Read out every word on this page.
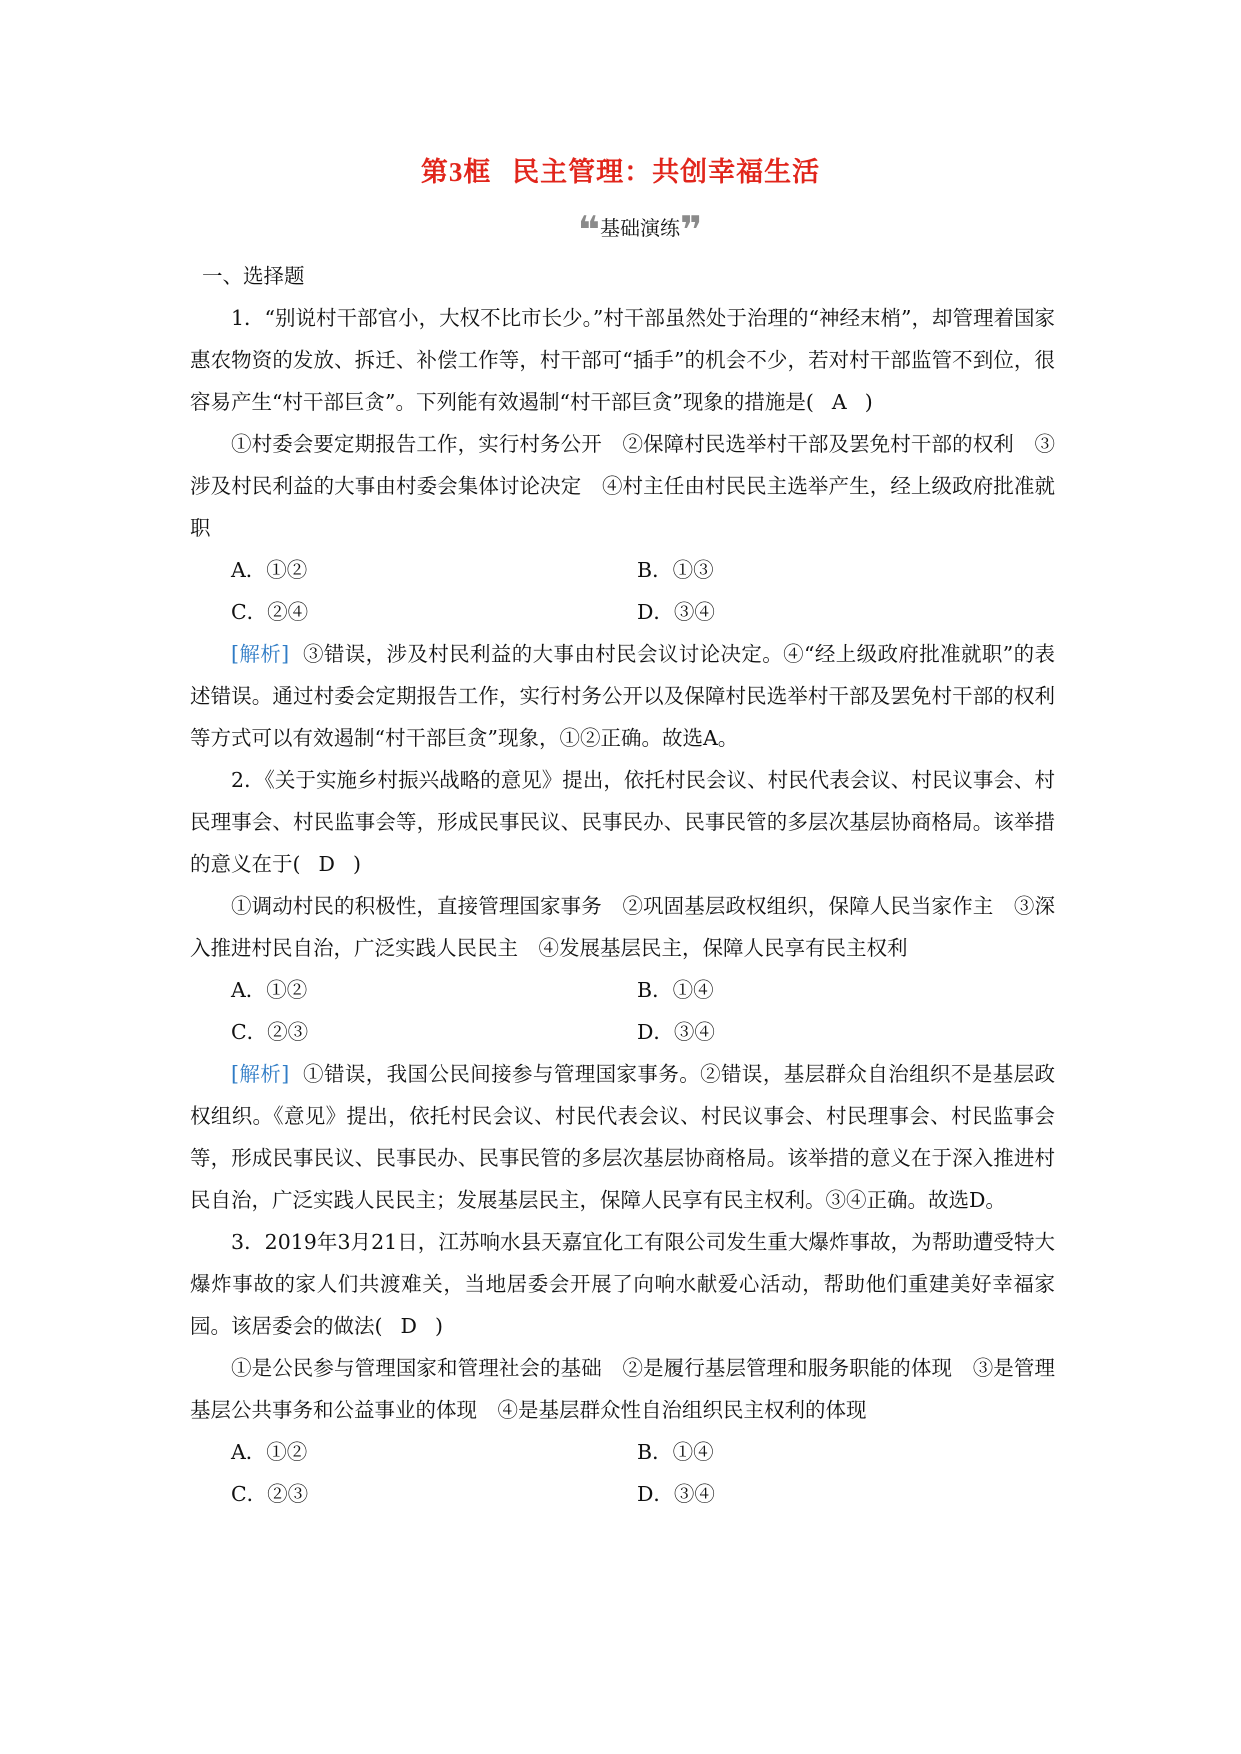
第3框 民主管理：共创幸福生活
❝ 基础演练 ❞

一、选择题

1．“别说村干部官小，大权不比市长少。”村干部虽然处于治理的“神经末梢”，却管理着国家惠农物资的发放、拆迁、补偿工作等，村干部可“插手”的机会不少，若对村干部监管不到位，很容易产生“村干部巨贪”。下列能有效遏制“村干部巨贪”现象的措施是( A )

①村委会要定期报告工作，实行村务公开　②保障村民选举村干部及罢免村干部的权利　③涉及村民利益的大事由村委会集体讨论决定　④村主任由村民民主选举产生，经上级政府批准就职

A．①②	B．①③
C．②④	D．③④

[解析] ③错误，涉及村民利益的大事由村民会议讨论决定。④“经上级政府批准就职”的表述错误。通过村委会定期报告工作，实行村务公开以及保障村民选举村干部及罢免村干部的权利等方式可以有效遏制“村干部巨贪”现象，①②正确。故选A。

2．《关于实施乡村振兴战略的意见》提出，依托村民会议、村民代表会议、村民议事会、村民理事会、村民监事会等，形成民事民议、民事民办、民事民管的多层次基层协商格局。该举措的意义在于( D )

①调动村民的积极性，直接管理国家事务　②巩固基层政权组织，保障人民当家作主　③深入推进村民自治，广泛实践人民民主　④发展基层民主，保障人民享有民主权利

A．①②	B．①④
C．②③	D．③④

[解析] ①错误，我国公民间接参与管理国家事务。②错误，基层群众自治组织不是基层政权组织。《意见》提出，依托村民会议、村民代表会议、村民议事会、村民理事会、村民监事会等，形成民事民议、民事民办、民事民管的多层次基层协商格局。该举措的意义在于深入推进村民自治，广泛实践人民民主；发展基层民主，保障人民享有民主权利。③④正确。故选D。

3．2019年3月21日，江苏响水县天嘉宜化工有限公司发生重大爆炸事故，为帮助遭受特大爆炸事故的家人们共渡难关，当地居委会开展了向响水献爱心活动，帮助他们重建美好幸福家园。该居委会的做法( D )

①是公民参与管理国家和管理社会的基础　②是履行基层管理和服务职能的体现　③是管理基层公共事务和公益事业的体现　④是基层群众性自治组织民主权利的体现

A．①②	B．①④
C．②③	D．③④
